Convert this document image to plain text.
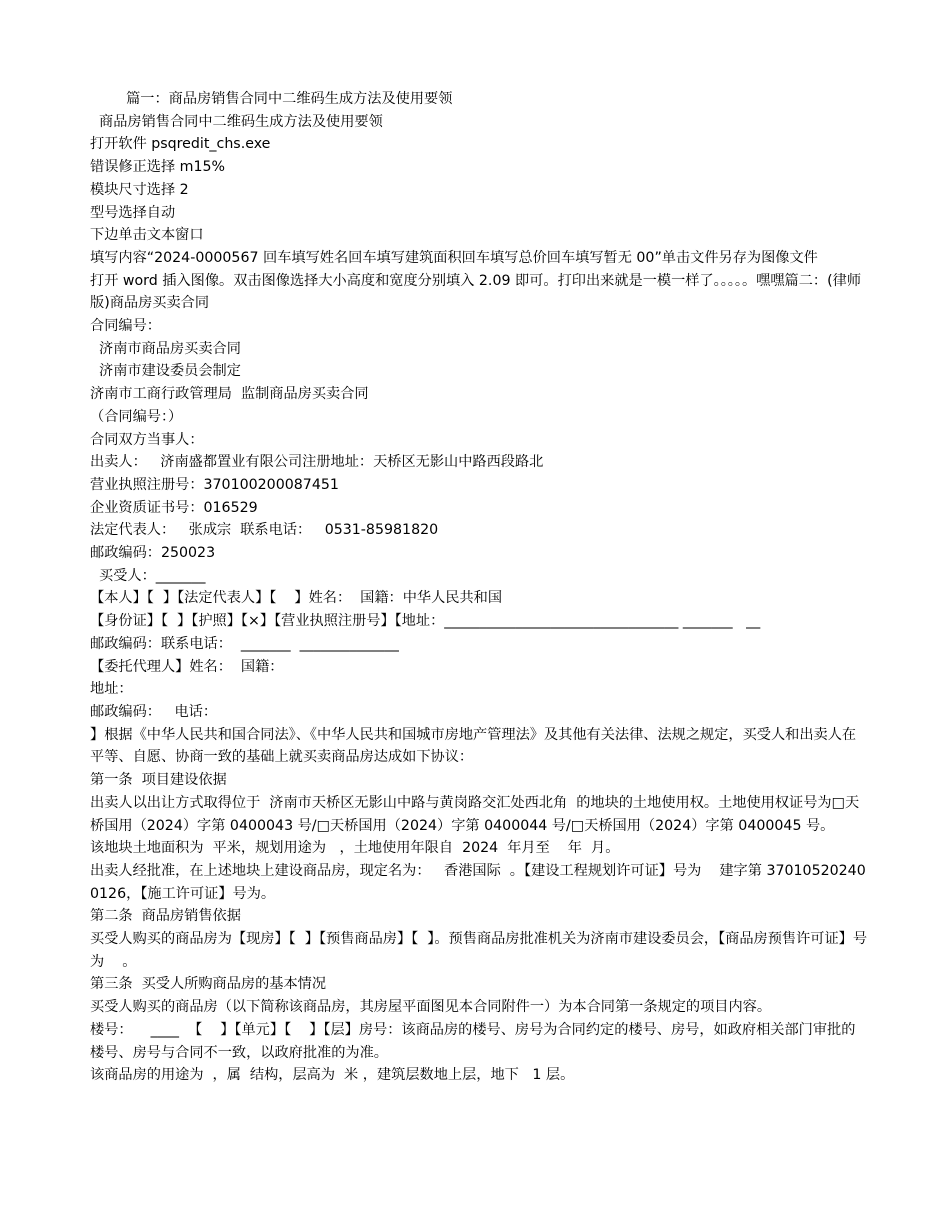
篇一：商品房销售合同中二维码生成方法及使用要领
商品房销售合同中二维码生成方法及使用要领
打开软件 psqredit_chs.exe
错误修正选择 m15%
模块尺寸选择 2
型号选择自动
下边单击文本窗口
填写内容“2024-0000567 回车填写姓名回车填写建筑面积回车填写总价回车填写暂无 00”单击文件另存为图像文件
打开 word 插入图像。双击图像选择大小高度和宽度分别填入 2.09 即可。打印出来就是一模一样了。。。。。嘿嘿篇二：(律师版)商品房买卖合同
合同编号：
济南市商品房买卖合同
济南市建设委员会制定
济南市工商行政管理局  监制商品房买卖合同
（合同编号：）
合同双方当事人：
出卖人：   济南盛都置业有限公司注册地址：天桥区无影山中路西段路北
营业执照注册号：370100200087451
企业资质证书号：016529
法定代表人：   张成宗  联系电话：   0531-85981820
邮政编码：250023
买受人：_______
【本人】【  】【法定代表人】【    】姓名：  国籍：中华人民共和国
【身份证】【  】【护照】【×】【营业执照注册号】【地址：_________________________________ _______   __
邮政编码：联系电话：  _______  ______________
【委托代理人】姓名：  国籍：
地址：
邮政编码：   电话：
】根据《中华人民共和国合同法》、《中华人民共和国城市房地产管理法》及其他有关法律、法规之规定，买受人和出卖人在平等、自愿、协商一致的基础上就买卖商品房达成如下协议：
第一条  项目建设依据
出卖人以出让方式取得位于  济南市天桥区无影山中路与黄岗路交汇处西北角  的地块的土地使用权。土地使用权证号为□天桥国用（2024）字第 0400043 号/□天桥国用（2024）字第 0400044 号/□天桥国用（2024）字第 0400045 号。
该地块土地面积为  平米，规划用途为   ，土地使用年限自  2024  年月至    年  月。
出卖人经批准，在上述地块上建设商品房，现定名为：   香港国际  。【建设工程规划许可证】号为    建字第 370105202400126，【施工许可证】号为。
第二条  商品房销售依据
买受人购买的商品房为【现房】【  】【预售商品房】【  】。预售商品房批准机关为济南市建设委员会，【商品房预售许可证】号为    。
第三条  买受人所购商品房的基本情况
买受人购买的商品房（以下简称该商品房，其房屋平面图见本合同附件一）为本合同第一条规定的项目内容。
楼号：    ____  【    】【单元】【    】【层】房号：该商品房的楼号、房号为合同约定的楼号、房号，如政府相关部门审批的楼号、房号与合同不一致，以政府批准的为准。
该商品房的用途为  ，属  结构，层高为  米 ，建筑层数地上层，地下   1 层。
